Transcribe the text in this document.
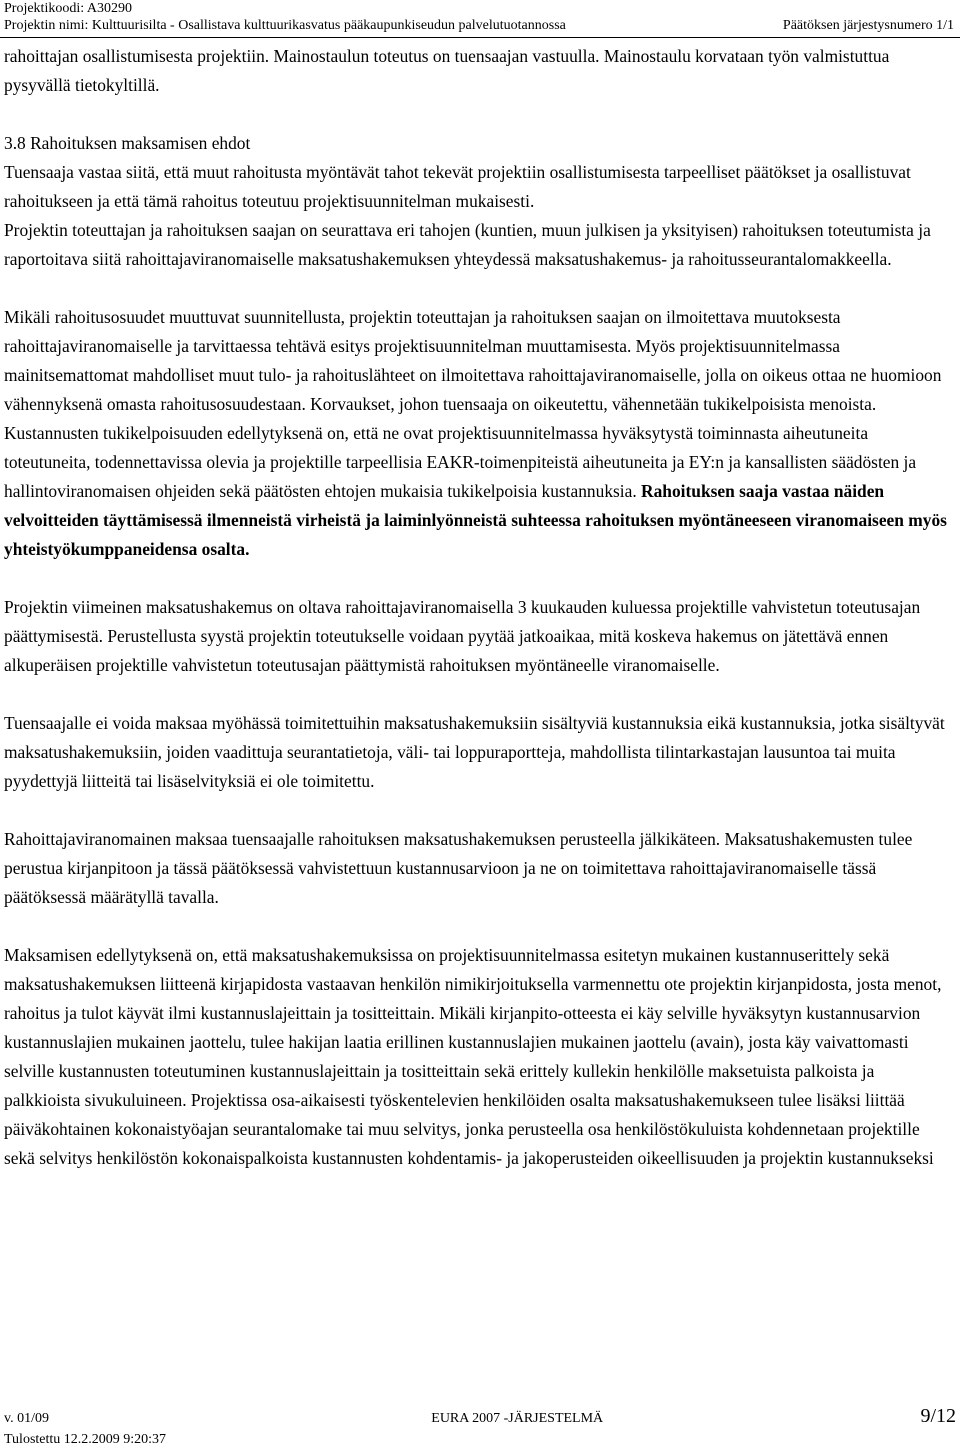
Projektikoodi: A30290
Projektin nimi: Kulttuurisilta - Osallistava kulttuurikasvatus pääkaupunkiseudun palvelutuotannossa	Päätöksen järjestysnumero 1/1

rahoittajan osallistumisesta projektiin. Mainostaulun toteutus on tuensaajan vastuulla. Mainostaulu korvataan työn valmistuttua pysyvällä tietokyltillä.

3.8 Rahoituksen maksamisen ehdot

Tuensaaja vastaa siitä, että muut rahoitusta myöntävät tahot tekevät projektiin osallistumisesta tarpeelliset päätökset ja osallistuvat rahoitukseen ja että tämä rahoitus toteutuu projektisuunnitelman mukaisesti.

Projektin toteuttajan ja rahoituksen saajan on seurattava eri tahojen (kuntien, muun julkisen ja yksityisen) rahoituksen toteutumista ja raportoitava siitä rahoittajaviranomaiselle maksatushakemuksen yhteydessä maksatushakemus- ja rahoitusseurantalomakkeella.

Mikäli rahoitusosuudet muuttuvat suunnitellusta, projektin toteuttajan ja rahoituksen saajan on ilmoitettava muutoksesta rahoittajaviranomaiselle ja tarvittaessa tehtävä esitys projektisuunnitelman muuttamisesta. Myös projektisuunnitelmassa mainitsemattomat mahdolliset muut tulo- ja rahoituslähteet on ilmoitettava rahoittajaviranomaiselle, jolla on oikeus ottaa ne huomioon vähennyksenä omasta rahoitusosuudestaan. Korvaukset, johon tuensaaja on oikeutettu, vähennetään tukikelpoisista menoista. Kustannusten tukikelpoisuuden edellytyksenä on, että ne ovat projektisuunnitelmassa hyväksytystä toiminnasta aiheutuneita toteutuneita, todennettavissa olevia ja projektille tarpeellisia EAKR-toimenpiteistä aiheutuneita ja EY:n ja kansallisten säädösten ja hallintoviranomaisen ohjeiden sekä päätösten ehtojen mukaisia tukikelpoisia kustannuksia. Rahoituksen saaja vastaa näiden velvoitteiden täyttämisessä ilmenneistä virheistä ja laiminlyönneistä suhteessa rahoituksen myöntäneeseen viranomaiseen myös yhteistyökumppaneidensa osalta.

Projektin viimeinen maksatushakemus on oltava rahoittajaviranomaisella 3 kuukauden kuluessa projektille vahvistetun toteutusajan päättymisestä. Perustellusta syystä projektin toteutukselle voidaan pyytää jatkoaikaa, mitä koskeva hakemus on jätettävä ennen alkuperäisen projektille vahvistetun toteutusajan päättymistä rahoituksen myöntäneelle viranomaiselle.

Tuensaajalle ei voida maksaa myöhässä toimitettuihin maksatushakemuksiin sisältyviä kustannuksia eikä kustannuksia, jotka sisältyvät maksatushakemuksiin, joiden vaadittuja seurantatietoja, väli- tai loppuraportteja, mahdollista tilintarkastajan lausuntoa tai muita pyydettyjä liitteitä tai lisäselvityksiä ei ole toimitettu.

Rahoittajaviranomainen maksaa tuensaajalle rahoituksen maksatushakemuksen perusteella jälkikäteen. Maksatushakemusten tulee perustua kirjanpitoon ja tässä päätöksessä vahvistettuun kustannusarvioon ja ne on toimitettava rahoittajaviranomaiselle tässä päätöksessä määrätyllä tavalla.

Maksamisen edellytyksenä on, että maksatushakemuksissa on projektisuunnitelmassa esitetyn mukainen kustannuserittely sekä maksatushakemuksen liitteenä kirjapidosta vastaavan henkilön nimikirjoituksella varmennettu ote projektin kirjanpidosta, josta menot, rahoitus ja tulot käyvät ilmi kustannuslajeittain ja tositteittain. Mikäli kirjanpito-otteesta ei käy selville hyväksytyn kustannusarvion kustannuslajien mukainen jaottelu, tulee hakijan laatia erillinen kustannuslajien mukainen jaottelu (avain), josta käy vaivattomasti selville kustannusten toteutuminen kustannuslajeittain ja tositteittain sekä erittely kullekin henkilölle maksetuista palkoista ja palkkioista sivukuluineen. Projektissa osa-aikaisesti työskentelevien henkilöiden osalta maksatushakemukseen tulee lisäksi liittää päiväkohtainen kokonaistyöajan seurantalomake tai muu selvitys, jonka perusteella osa henkilöstökuluista kohdennetaan projektille sekä selvitys henkilöstön kokonaispalkoista kustannusten kohdentamis- ja jakoperusteiden oikeellisuuden ja projektin kustannukseksi

v. 01/09	EURA 2007 -JÄRJESTELMÄ	9/12
Tulostettu 12.2.2009 9:20:37
